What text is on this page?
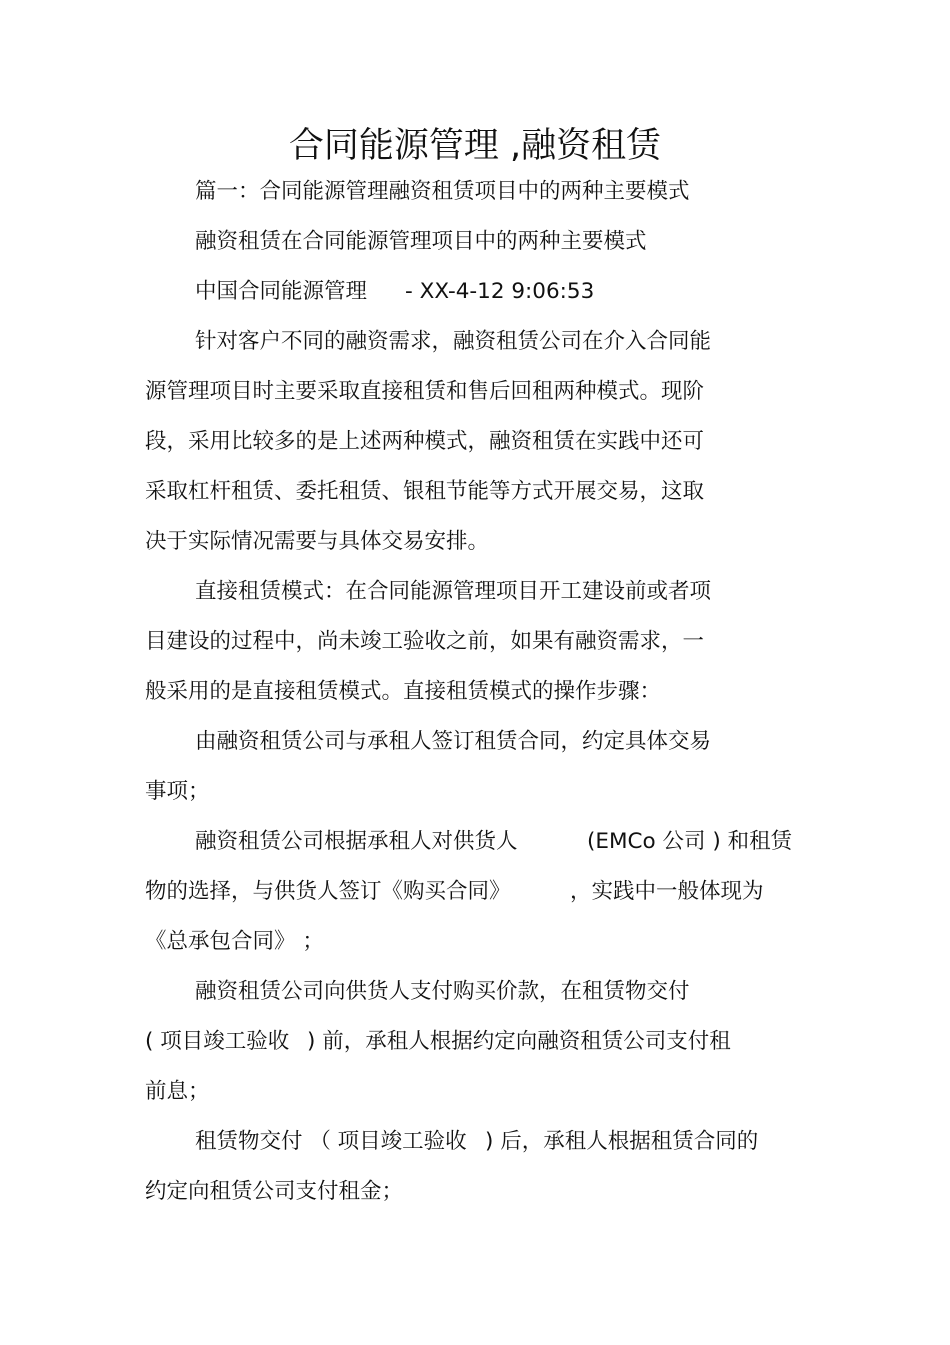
合同能源管理 ,融资租赁
篇一：合同能源管理融资租赁项目中的两种主要模式
融资租赁在合同能源管理项目中的两种主要模式
中国合同能源管理 - XX-4-12 9:06:53
针对客户不同的融资需求，融资租赁公司在介入合同能
源管理项目时主要采取直接租赁和售后回租两种模式。现阶
段，采用比较多的是上述两种模式，融资租赁在实践中还可
采取杠杆租赁、委托租赁、银租节能等方式开展交易，这取
决于实际情况需要与具体交易安排。
直接租赁模式：在合同能源管理项目开工建设前或者项
目建设的过程中，尚未竣工验收之前，如果有融资需求，一
般采用的是直接租赁模式。直接租赁模式的操作步骤：
由融资租赁公司与承租人签订租赁合同，约定具体交易
事项；
融资租赁公司根据承租人对供货人	(EMCo 公司 ) 和租赁
物的选择，与供货人签订《购买合同》	，实践中一般体现为
《总承包合同》 ；
融资租赁公司向供货人支付购买价款，在租赁物交付
( 项目竣工验收 ) 前，承租人根据约定向融资租赁公司支付租
前息；
租赁物交付 （ 项目竣工验收 ) 后，承租人根据租赁合同的
约定向租赁公司支付租金；
